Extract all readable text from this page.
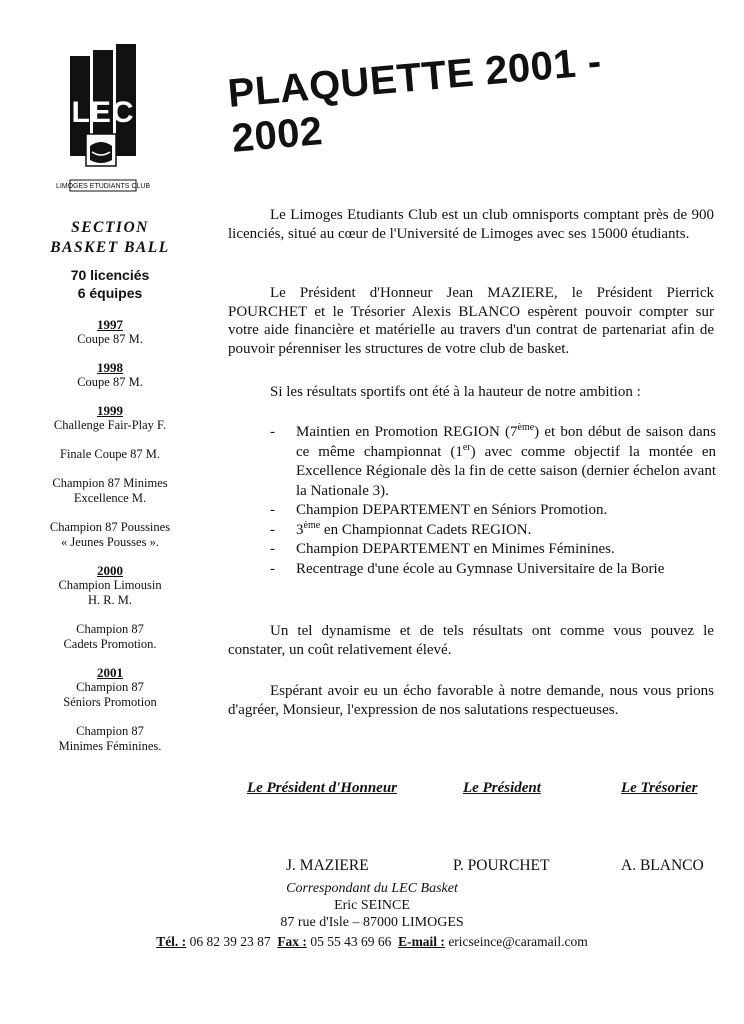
LEC
LIMOGES ETUDIANTS CLUB
PLAQUETTE 2001 - 2002
SECTION
BASKET BALL
70 licenciés
6 équipes
1997
Coupe 87 M.
1998
Coupe 87 M.
1999
Challenge Fair-Play F.
Finale Coupe 87 M.
Champion 87 Minimes
Excellence M.
Champion 87 Poussines
« Jeunes Pousses ».
2000
Champion Limousin
H. R. M.
Champion 87
Cadets Promotion.
2001
Champion 87
Séniors Promotion
Champion 87
Minimes Féminines.
Le Limoges Etudiants Club est un club omnisports comptant près de 900 licenciés, situé au cœur de l'Université de Limoges avec ses 15000 étudiants.
Le Président d'Honneur Jean MAZIERE, le Président Pierrick POURCHET et le Trésorier Alexis BLANCO espèrent pouvoir compter sur votre aide financière et matérielle au travers d'un contrat de partenariat afin de pouvoir pérenniser les structures de votre club de basket.
Si les résultats sportifs ont été à la hauteur de notre ambition :
-	Maintien en Promotion REGION (7ème) et bon début de saison dans ce même championnat (1er) avec comme objectif la montée en Excellence Régionale dès la fin de cette saison (dernier échelon avant la Nationale 3).
-	Champion DEPARTEMENT en Séniors Promotion.
-	3ème en Championnat Cadets REGION.
-	Champion DEPARTEMENT en Minimes Féminines.
-	Recentrage d'une école au Gymnase Universitaire de la Borie
Un tel dynamisme et de tels résultats ont comme vous pouvez le constater, un coût relativement élevé.
Espérant avoir eu un écho favorable à notre demande, nous vous prions d'agréer, Monsieur, l'expression de nos salutations respectueuses.
Le Président d'Honneur	Le Président	Le Trésorier
J. MAZIERE	P. POURCHET	A. BLANCO
Correspondant du LEC Basket
Eric SEINCE
87 rue d'Isle – 87000 LIMOGES
Tél. : 06 82 39 23 87 Fax : 05 55 43 69 66 E-mail : ericseince@caramail.com
